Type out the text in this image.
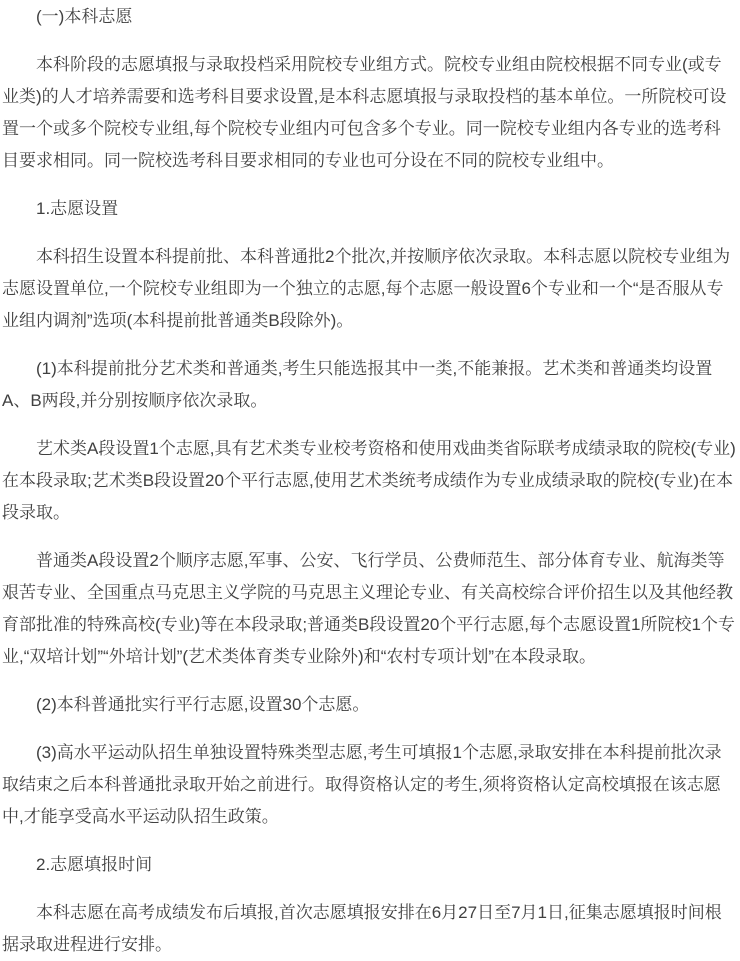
(一)本科志愿

本科阶段的志愿填报与录取投档采用院校专业组方式。院校专业组由院校根据不同专业(或专业类)的人才培养需要和选考科目要求设置,是本科志愿填报与录取投档的基本单位。一所院校可设置一个或多个院校专业组,每个院校专业组内可包含多个专业。同一院校专业组内各专业的选考科目要求相同。同一院校选考科目要求相同的专业也可分设在不同的院校专业组中。

1.志愿设置

本科招生设置本科提前批、本科普通批2个批次,并按顺序依次录取。本科志愿以院校专业组为志愿设置单位,一个院校专业组即为一个独立的志愿,每个志愿一般设置6个专业和一个“是否服从专业组内调剂”选项(本科提前批普通类B段除外)。

(1)本科提前批分艺术类和普通类,考生只能选报其中一类,不能兼报。艺术类和普通类均设置A、B两段,并分别按顺序依次录取。

艺术类A段设置1个志愿,具有艺术类专业校考资格和使用戏曲类省际联考成绩录取的院校(专业)在本段录取;艺术类B段设置20个平行志愿,使用艺术类统考成绩作为专业成绩录取的院校(专业)在本段录取。

普通类A段设置2个顺序志愿,军事、公安、飞行学员、公费师范生、部分体育专业、航海类等艰苦专业、全国重点马克思主义学院的马克思主义理论专业、有关高校综合评价招生以及其他经教育部批准的特殊高校(专业)等在本段录取;普通类B段设置20个平行志愿,每个志愿设置1所院校1个专业,“双培计划”“外培计划”(艺术类体育类专业除外)和“农村专项计划”在本段录取。

(2)本科普通批实行平行志愿,设置30个志愿。

(3)高水平运动队招生单独设置特殊类型志愿,考生可填报1个志愿,录取安排在本科提前批次录取结束之后本科普通批录取开始之前进行。取得资格认定的考生,须将资格认定高校填报在该志愿中,才能享受高水平运动队招生政策。

2.志愿填报时间

本科志愿在高考成绩发布后填报,首次志愿填报安排在6月27日至7月1日,征集志愿填报时间根据录取进程进行安排。
